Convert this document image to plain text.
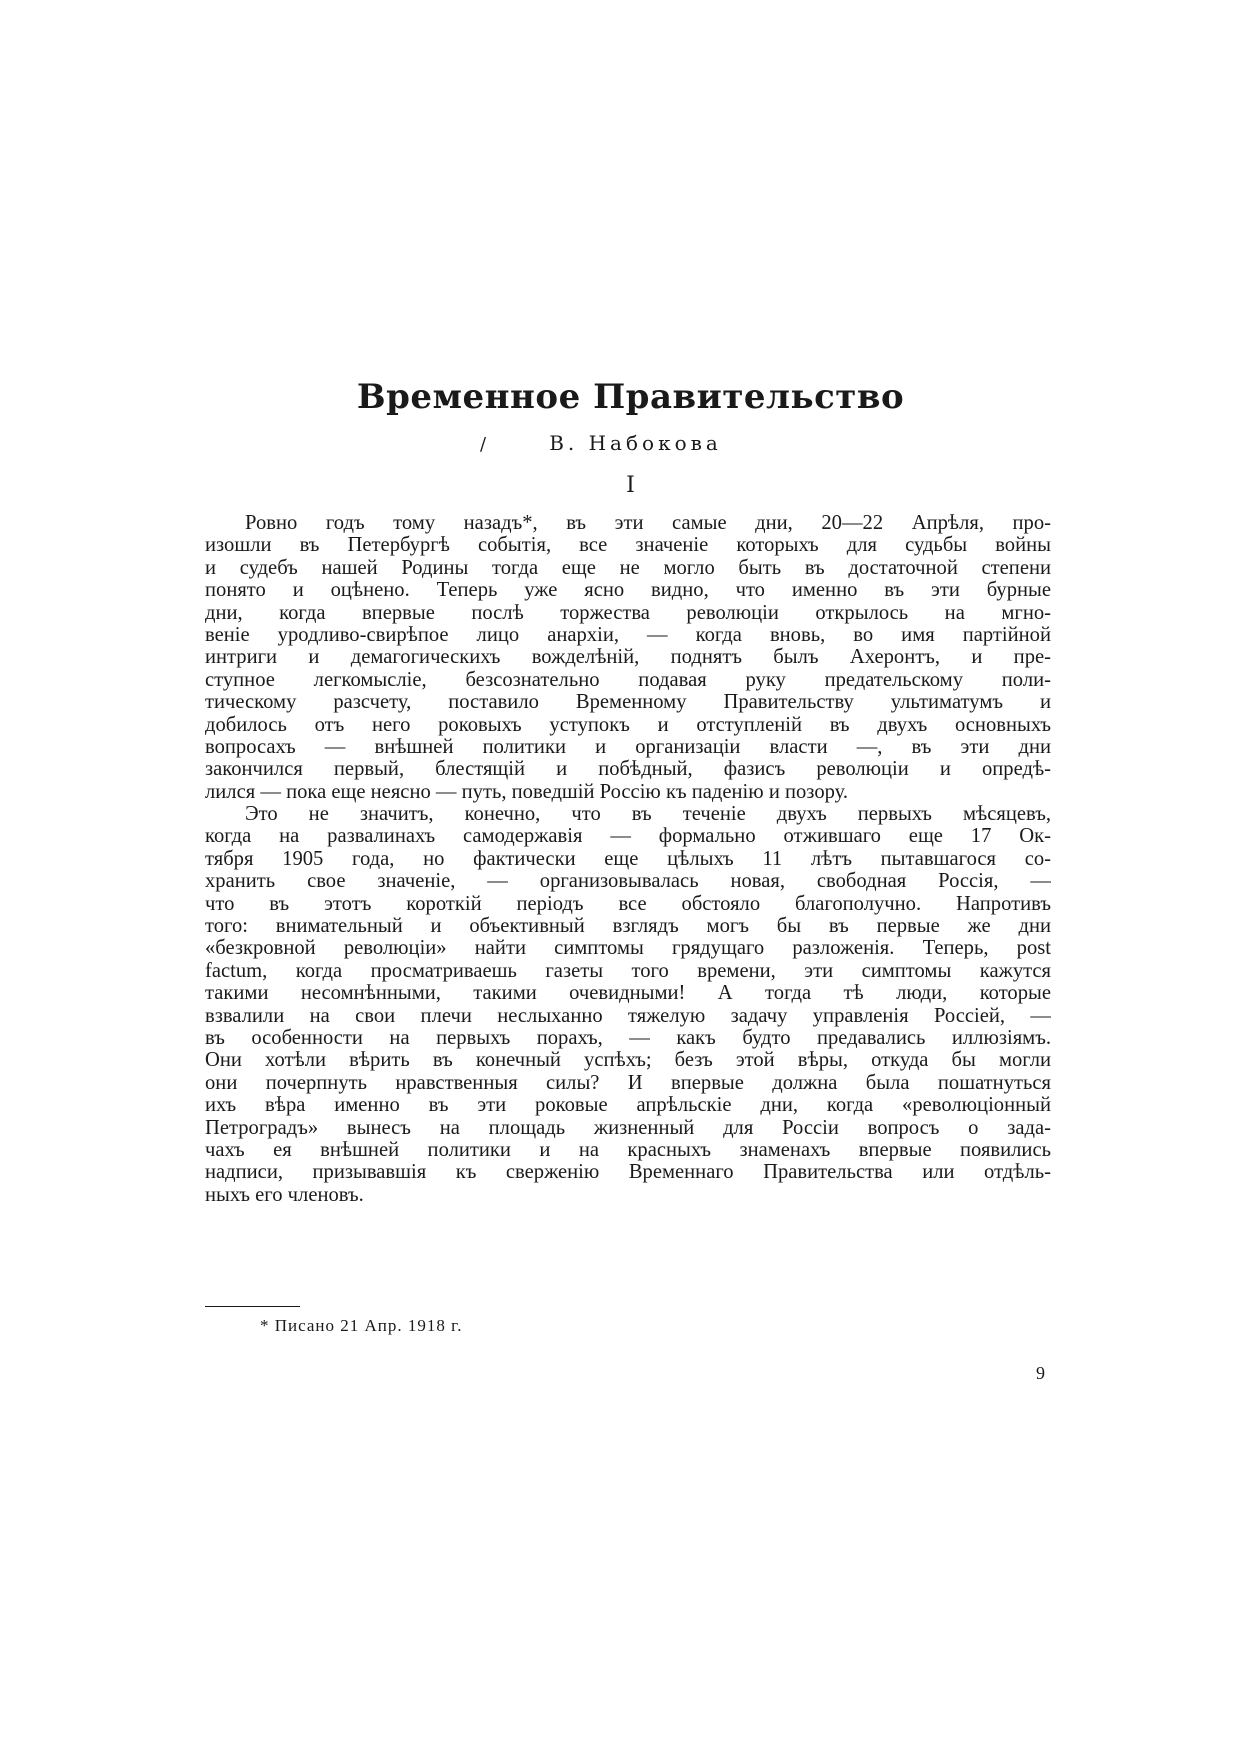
Временное Правительство
/	В. Набокова
I
Ровно годъ тому назадъ*, въ эти самые дни, 20—22 Апрѣля, про-
изошли въ Петербургѣ событія, все значеніе которыхъ для судьбы войны
и судебъ нашей Родины тогда еще не могло быть въ достаточной степени
понято и оцѣнено. Теперь уже ясно видно, что именно въ эти бурные
дни, когда впервые послѣ торжества революціи открылось на мгно-
веніе уродливо-свирѣпое лицо анархіи, — когда вновь, во имя партійной
интриги и демагогическихъ вожделѣній, поднятъ былъ Ахеронтъ, и пре-
ступное легкомысліе, безсознательно подавая руку предательскому поли-
тическому разсчету, поставило Временному Правительству ультиматумъ и
добилось отъ него роковыхъ уступокъ и отступленій въ двухъ основныхъ
вопросахъ — внѣшней политики и организаціи власти —, въ эти дни
закончился первый, блестящій и побѣдный, фазисъ революціи и опредѣ-
лился — пока еще неясно — путь, поведшій Россію къ паденію и позору.
Это не значитъ, конечно, что въ теченіе двухъ первыхъ мѣсяцевъ,
когда на развалинахъ самодержавія — формально отжившаго еще 17 Ок-
тября 1905 года, но фактически еще цѣлыхъ 11 лѣтъ пытавшагося со-
хранить свое значеніе, — организовывалась новая, свободная Россія, —
что въ этотъ короткій періодъ все обстояло благополучно. Напротивъ
того: внимательный и объективный взглядъ могъ бы въ первые же дни
«безкровной революціи» найти симптомы грядущаго разложенія. Теперь, post
factum, когда просматриваешь газеты того времени, эти симптомы кажутся
такими несомнѣнными, такими очевидными! А тогда тѣ люди, которые
взвалили на свои плечи неслыханно тяжелую задачу управленія Россіей, —
въ особенности на первыхъ порахъ, — какъ будто предавались иллюзіямъ.
Они хотѣли вѣрить въ конечный успѣхъ; безъ этой вѣры, откуда бы могли
они почерпнуть нравственныя силы? И впервые должна была пошатнуться
ихъ вѣра именно въ эти роковые апрѣльскіе дни, когда «революціонный
Петроградъ» вынесъ на площадь жизненный для Россіи вопросъ о зада-
чахъ ея внѣшней политики и на красныхъ знаменахъ впервые появились
надписи, призывавшія къ сверженію Временнаго Правительства или отдѣль-
ныхъ его членовъ.
* Писано 21 Апр. 1918 г.
9
